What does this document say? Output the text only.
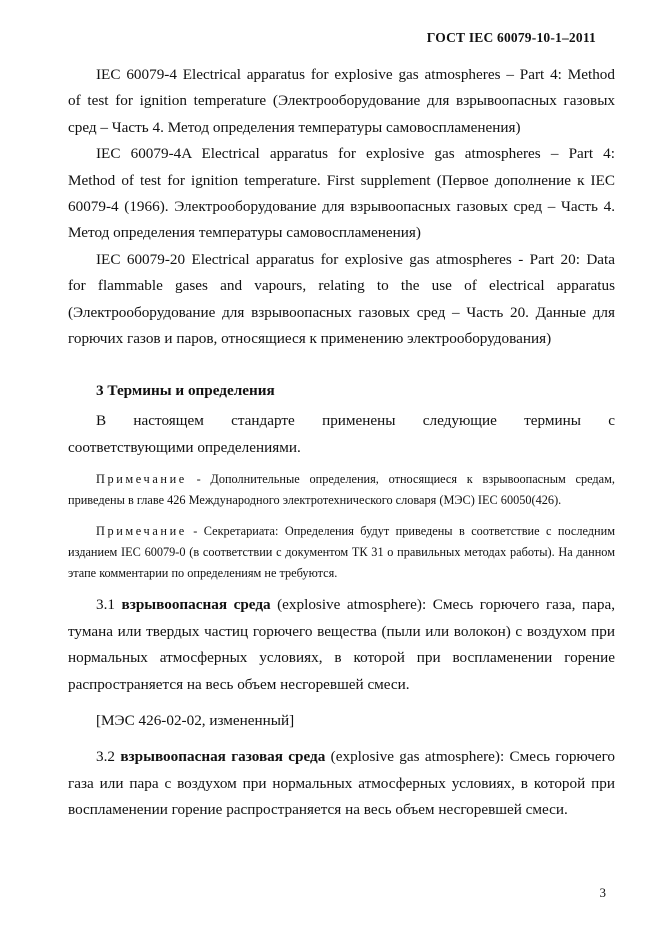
ГОСТ IEC 60079-10-1–2011

IEC 60079-4 Electrical apparatus for explosive gas atmospheres – Part 4: Method

of test for ignition temperature (Электрооборудование для взрывоопасных газовых сред – Часть 4. Метод определения температуры самовоспламенения)

IEC 60079-4A Electrical apparatus for explosive gas atmospheres – Part 4:

Method of test for ignition temperature. First supplement (Первое дополнение к IEC 60079-4 (1966). Электрооборудование для взрывоопасных газовых сред – Часть 4. Метод определения температуры самовоспламенения)

IEC 60079-20 Electrical apparatus for explosive gas atmospheres - Part 20: Data

for flammable gases and vapours, relating to the use of electrical apparatus (Электрооборудование для взрывоопасных газовых сред – Часть 20. Данные для горючих газов и паров, относящиеся к применению электрооборудования)

3 Термины и определения

В настоящем стандарте применены следующие термины с

соответствующими определениями.

Примечание - Дополнительные определения, относящиеся к взрывоопасным средам, приведены в главе 426 Международного электротехнического словаря (МЭС) IEC 60050(426).

Примечание - Секретариата: Определения будут приведены в соответствие с последним изданием IEC 60079-0 (в соответствии с документом ТК 31 о правильных методах работы). На данном этапе комментарии по определениям не требуются.

3.1 взрывоопасная среда (explosive atmosphere): Смесь горючего газа, пара, тумана или твердых частиц горючего вещества (пыли или волокон) с воздухом при нормальных атмосферных условиях, в которой при воспламенении горение распространяется на весь объем несгоревшей смеси.

[МЭС 426-02-02, измененный]

3.2 взрывоопасная газовая среда (explosive gas atmosphere): Смесь горючего газа или пара с воздухом при нормальных атмосферных условиях, в которой при воспламенении горение распространяется на весь объем несгоревшей смеси.

3
